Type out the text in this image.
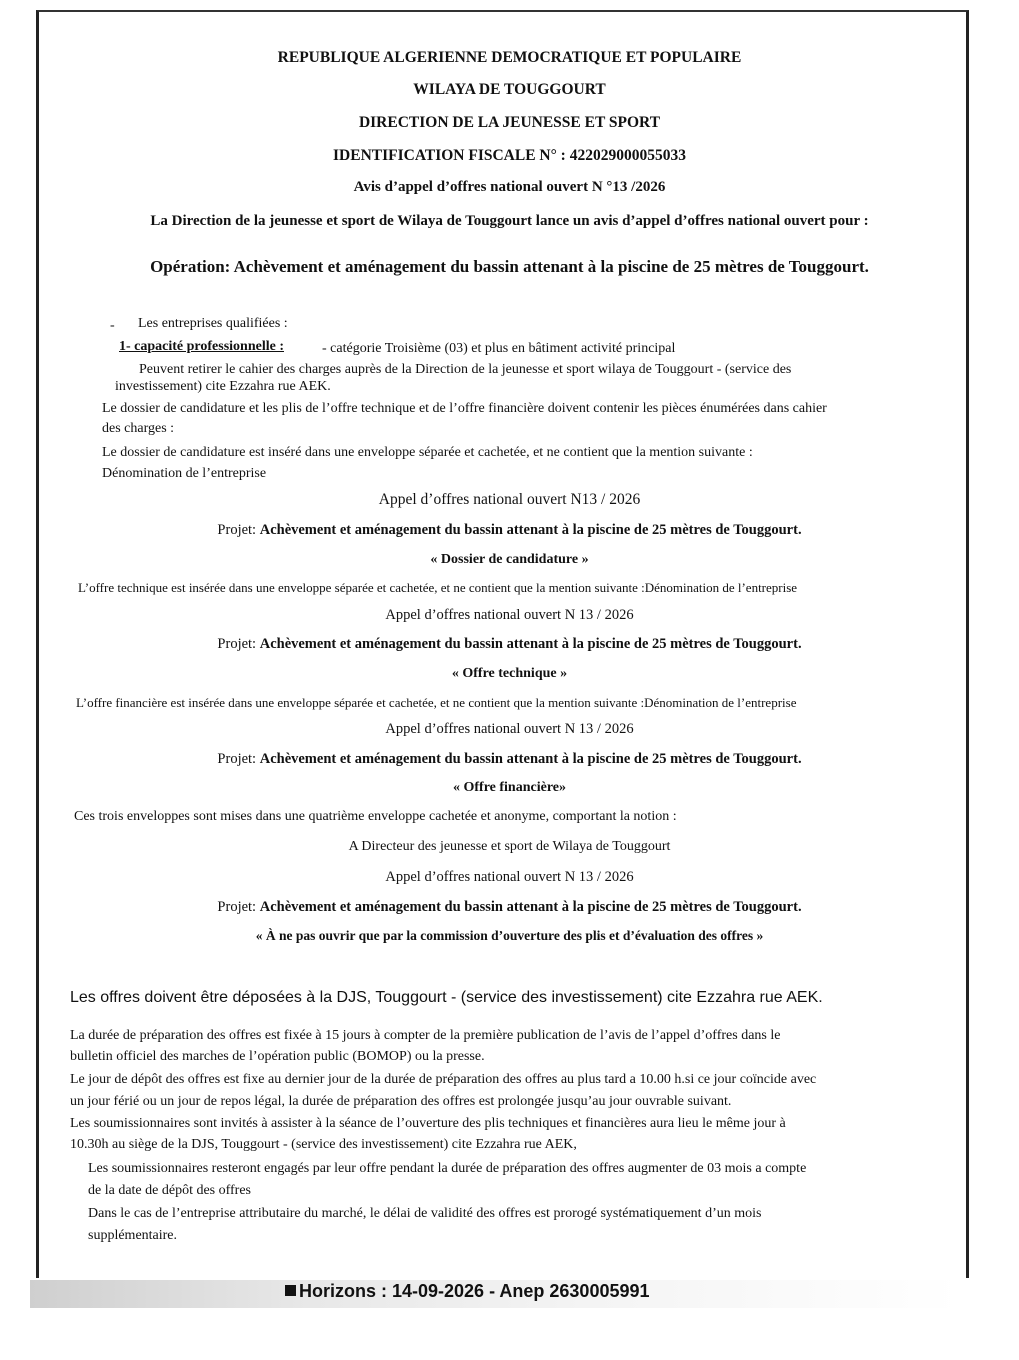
REPUBLIQUE ALGERIENNE DEMOCRATIQUE ET POPULAIRE
WILAYA DE TOUGGOURT
DIRECTION DE LA JEUNESSE ET SPORT
IDENTIFICATION FISCALE N° : 422029000055033
Avis d’appel d’offres national ouvert N °13 /2026
La Direction de la jeunesse et sport de Wilaya de Touggourt lance un avis d’appel d’offres national ouvert pour :
Opération: Achèvement et aménagement du bassin attenant à la piscine de 25 mètres de Touggourt.
- Les entreprises qualifiées :
1- capacité professionnelle :	- catégorie Troisième (03) et plus en bâtiment activité principal
Peuvent retirer le cahier des charges auprès de la Direction de la jeunesse et sport wilaya de Touggourt - (service des
investissement) cite Ezzahra rue AEK.
Le dossier de candidature et les plis de l’offre technique et de l’offre financière doivent contenir les pièces énumérées dans cahier
des charges :
Le dossier de candidature est inséré dans une enveloppe séparée et cachetée, et ne contient que la mention suivante :
Dénomination de l’entreprise
Appel d’offres national ouvert N13 / 2026
Projet: Achèvement et aménagement du bassin attenant à la piscine de 25 mètres de Touggourt.
« Dossier de candidature »
L’offre technique est insérée dans une enveloppe séparée et cachetée, et ne contient que la mention suivante :Dénomination de l’entreprise
Appel d’offres national ouvert N 13 / 2026
Projet: Achèvement et aménagement du bassin attenant à la piscine de 25 mètres de Touggourt.
« Offre technique »
L’offre financière est insérée dans une enveloppe séparée et cachetée, et ne contient que la mention suivante :Dénomination de l’entreprise
Appel d’offres national ouvert N 13 / 2026
Projet: Achèvement et aménagement du bassin attenant à la piscine de 25 mètres de Touggourt.
« Offre financière»
Ces trois enveloppes sont mises dans une quatrième enveloppe cachetée et anonyme, comportant la notion :
A Directeur des jeunesse et sport de Wilaya de Touggourt
Appel d’offres national ouvert N 13 / 2026
Projet: Achèvement et aménagement du bassin attenant à la piscine de 25 mètres de Touggourt.
« À ne pas ouvrir que par la commission d’ouverture des plis et d’évaluation des offres »
Les offres doivent être déposées à la DJS, Touggourt - (service des investissement) cite Ezzahra rue AEK.
La durée de préparation des offres est fixée à 15 jours à compter de la première publication de l’avis de l’appel d’offres dans le
bulletin officiel des marches de l’opération public (BOMOP) ou la presse.
Le jour de dépôt des offres est fixe au dernier jour de la durée de préparation des offres au plus tard a 10.00 h.si ce jour coïncide avec
un jour férié ou un jour de repos légal, la durée de préparation des offres est prolongée jusqu’au jour ouvrable suivant.
Les soumissionnaires sont invités à assister à la séance de l’ouverture des plis techniques et financières aura lieu le même jour à
10.30h au siège de la DJS, Touggourt - (service des investissement) cite Ezzahra rue AEK,
Les soumissionnaires resteront engagés par leur offre pendant la durée de préparation des offres augmenter de 03 mois a compte
de la date de dépôt des offres
Dans le cas de l’entreprise attributaire du marché, le délai de validité des offres est prorogé systématiquement d’un mois
supplémentaire.
Horizons : 14-09-2026 - Anep 2630005991
